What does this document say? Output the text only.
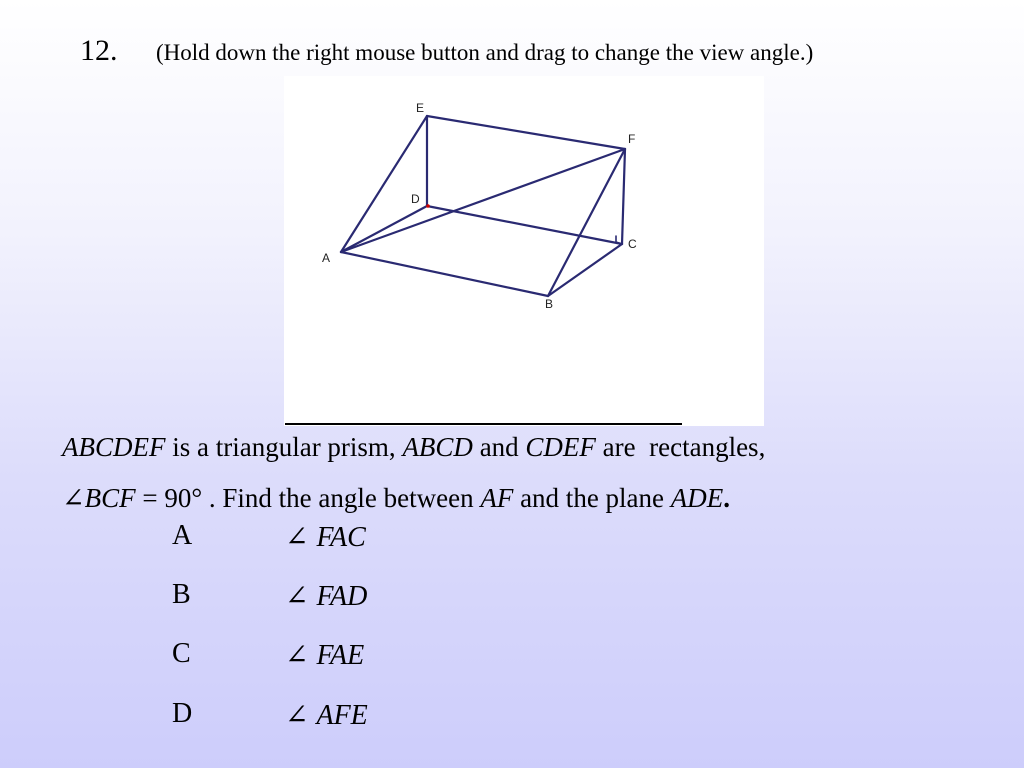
12. (Hold down the right mouse button and drag to change the view angle.)
E
F
D
C
A
B
ABCDEF is a triangular prism, ABCD and CDEF are  rectangles,
∠BCF = 90° . Find the angle between AF and the plane ADE.
A	∠ FAC
B	∠ FAD
C	∠ FAE
D	∠ AFE
